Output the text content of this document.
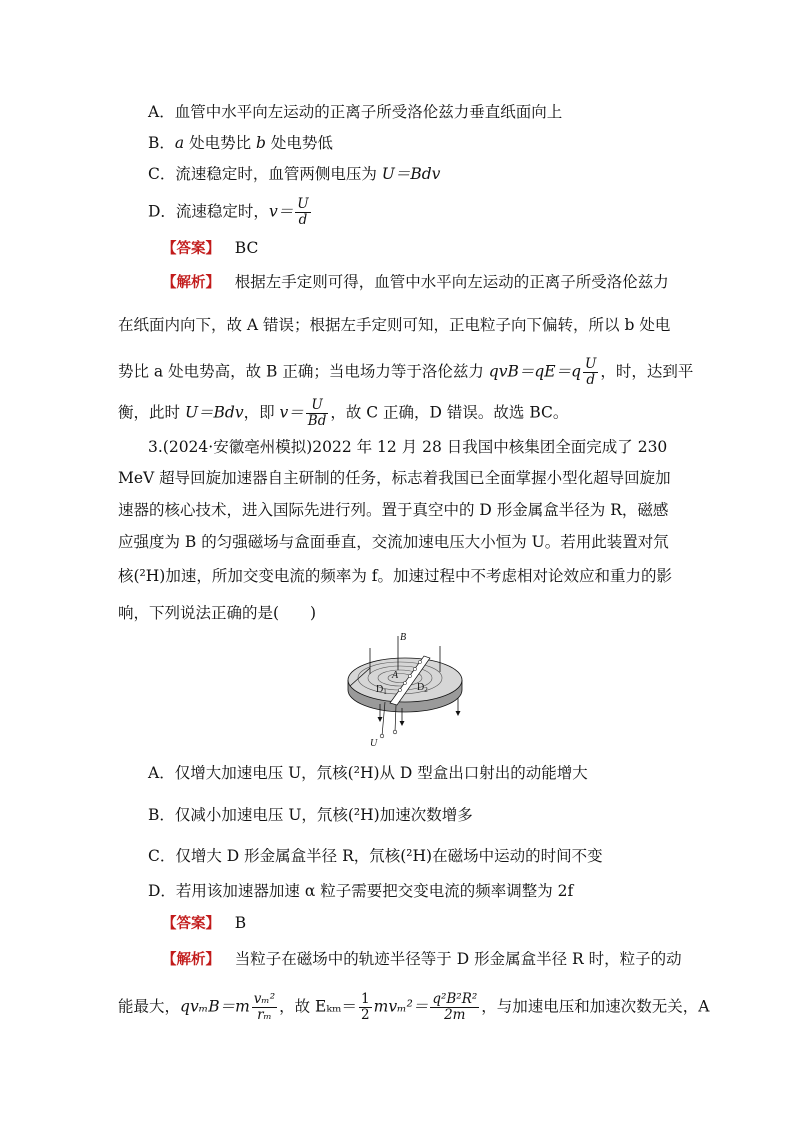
A．血管中水平向左运动的正离子所受洛伦兹力垂直纸面向上
B．a 处电势比 b 处电势低
C．流速稳定时，血管两侧电压为 U＝Bdv
D．流速稳定时，$v= \frac{U}{d}$
【答案】 BC
【解析】 根据左手定则可得，血管中水平向左运动的正离子所受洛伦兹力
在纸面内向下，故 A 错误；根据左手定则可知，正电粒子向下偏转，所以 b 处电
势比 a 处电势高，故 B 正确；当电场力等于洛伦兹力 $qvB=qE=q \frac{U}{d}$ ，时，达到平
衡，此时 U＝Bdv，即 $v= \frac{U}{Bd}$ ，故 C 正确，D 错误。故选 BC。
3.(2024·安徽亳州模拟)2022 年 12 月 28 日我国中核集团全面完成了 230
MeV 超导回旋加速器自主研制的任务，标志着我国已全面掌握小型化超导回旋加
速器的核心技术，进入国际先进行列。置于真空中的 D 形金属盒半径为 R，磁感
应强度为 B 的匀强磁场与盒面垂直，交流加速电压大小恒为 U。若用此装置对氘
核(²H)加速，所加交变电流的频率为 f。加速过程中不考虑相对论效应和重力的影
响，下列说法正确的是(　　)
B
A
$D_1$	$D_2$
U
A．仅增大加速电压 U，氘核(²H)从 D 型盒出口射出的动能增大
B．仅减小加速电压 U，氘核(²H)加速次数增多
C．仅增大 D 形金属盒半径 R，氘核(²H)在磁场中运动的时间不变
D．若用该加速器加速 α 粒子需要把交变电流的频率调整为 2f
【答案】 B
【解析】 当粒子在磁场中的轨迹半径等于 D 形金属盒半径 R 时，粒子的动
能最大，$qv_mB=m \frac{\text{vₘ²}}{\text{rₘ}}$ ，故 $E_{km}= \frac{1}{2} mv_m^2= \frac{\text{q²B²R²}}{2m}$ ，与加速电压和加速次数无关，A
